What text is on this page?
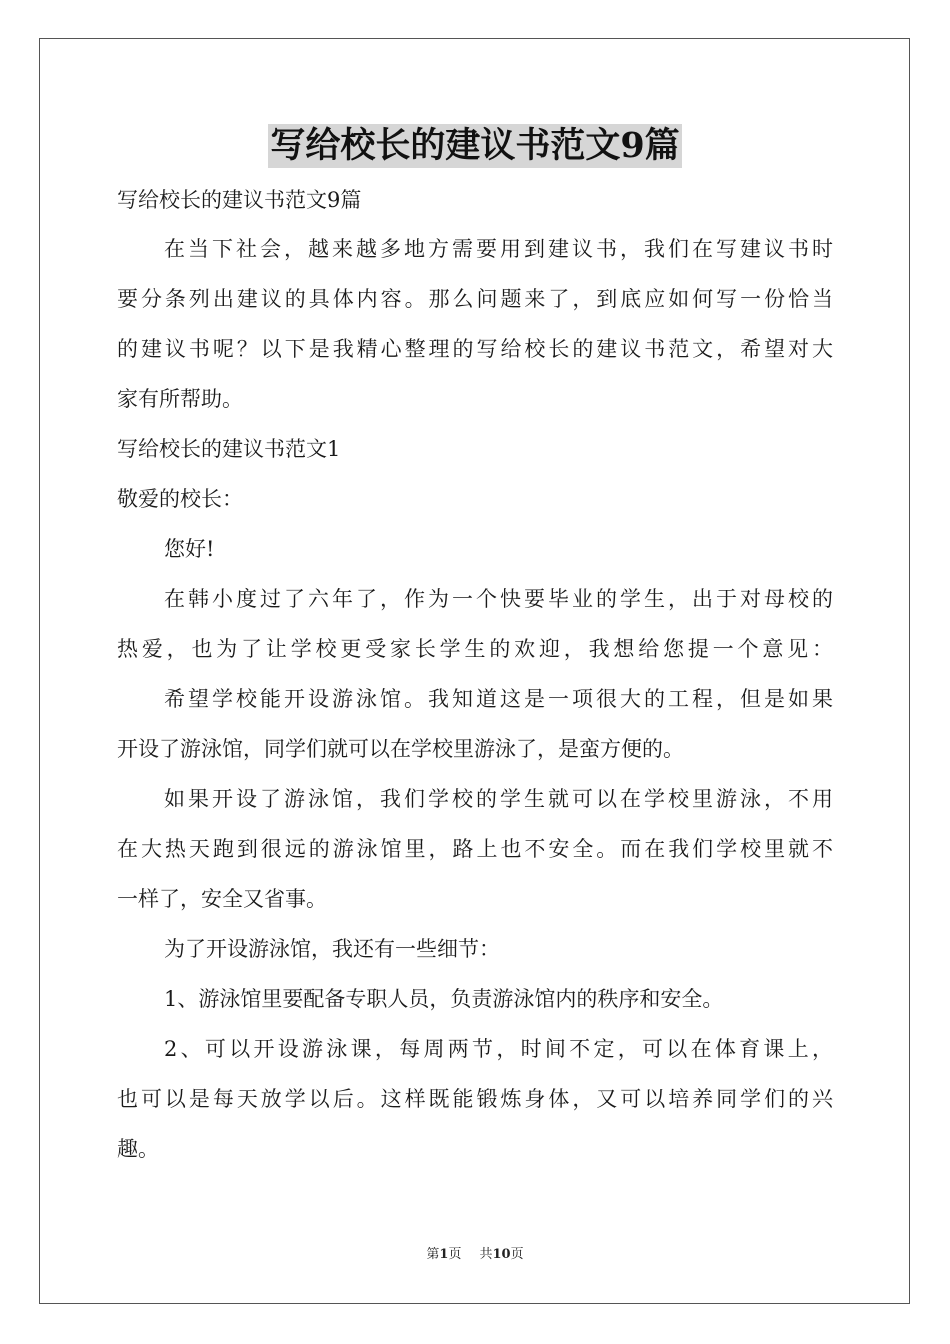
写给校长的建议书范文9篇
写给校长的建议书范文9篇
在当下社会，越来越多地方需要用到建议书，我们在写建议书时
要分条列出建议的具体内容。那么问题来了，到底应如何写一份恰当
的建议书呢？以下是我精心整理的写给校长的建议书范文，希望对大
家有所帮助。
写给校长的建议书范文1
敬爱的校长：
您好!
在韩小度过了六年了，作为一个快要毕业的学生，出于对母校的
热爱，也为了让学校更受家长学生的欢迎，我想给您提一个意见：
希望学校能开设游泳馆。我知道这是一项很大的工程，但是如果
开设了游泳馆，同学们就可以在学校里游泳了，是蛮方便的。
如果开设了游泳馆，我们学校的学生就可以在学校里游泳，不用
在大热天跑到很远的游泳馆里，路上也不安全。而在我们学校里就不
一样了，安全又省事。
为了开设游泳馆，我还有一些细节：
1、游泳馆里要配备专职人员，负责游泳馆内的秩序和安全。
2、可以开设游泳课，每周两节，时间不定，可以在体育课上，
也可以是每天放学以后。这样既能锻炼身体，又可以培养同学们的兴
趣。
第1页 共10页
